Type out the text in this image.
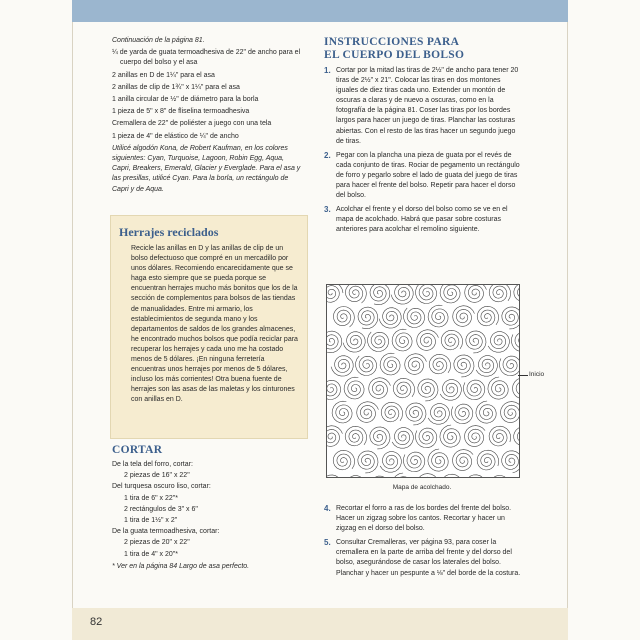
82

Continuación de la página 81.

¼ de yarda de guata termoadhesiva de 22" de ancho para el cuerpo del bolso y el asa

2 anillas en D de 1¼" para el asa

2 anillas de clip de 1¾" x 1¼" para el asa

1 anilla circular de ½" de diámetro para la borla

1 pieza de 5" x 8" de fliselina termoadhesiva

Cremallera de 22" de poliéster a juego con una tela

1 pieza de 4" de elástico de ¼" de ancho

Utilicé algodón Kona, de Robert Kaufman, en los colores siguientes: Cyan, Turquoise, Lagoon, Robin Egg, Aqua, Capri, Breakers, Emerald, Glacier y Everglade. Para el asa y las presillas, utilicé Cyan. Para la borla, un rectángulo de Capri y de Aqua.

Herrajes reciclados
Recicle las anillas en D y las anillas de clip de un bolso defectuoso que compré en un mercadillo por unos dólares. Recomiendo encarecidamente que se haga esto siempre que se pueda porque se encuentran herrajes mucho más bonitos que los de la sección de complementos para bolsos de las tiendas de manualidades. Entre mi armario, los establecimientos de segunda mano y los departamentos de saldos de los grandes almacenes, he encontrado muchos bolsos que podía reciclar para recuperar los herrajes y cada uno me ha costado menos de 5 dólares. ¡En ninguna ferretería encuentras unos herrajes por menos de 5 dólares, incluso los más corrientes! Otra buena fuente de herrajes son las asas de las maletas y los cinturones con anillas en D.
CORTAR

De la tela del forro, cortar:

2 piezas de 16" x 22"

Del turquesa oscuro liso, cortar:

1 tira de 6" x 22"*

2 rectángulos de 3" x 6"

1 tira de 1½" x 2"

De la guata termoadhesiva, cortar:

2 piezas de 20" x 22"

1 tira de 4" x 20"*

* Ver en la página 84 Largo de asa perfecto.

INSTRUCCIONES PARA
EL CUERPO DEL BOLSO
1. Cortar por la mitad las tiras de 2½" de ancho para tener 20 tiras de 2½" x 21". Colocar las tiras en dos montones iguales de diez tiras cada uno. Extender un montón de oscuras a claras y de nuevo a oscuras, como en la fotografía de la página 81. Coser las tiras por los bordes largos para hacer un juego de tiras. Planchar las costuras abiertas. Con el resto de las tiras hacer un segundo juego de tiras.
2. Pegar con la plancha una pieza de guata por el revés de cada conjunto de tiras. Rociar de pegamento un rectángulo de forro y pegarlo sobre el lado de guata del juego de tiras para hacer el frente del bolso. Repetir para hacer el dorso del bolso.
3. Acolchar el frente y el dorso del bolso como se ve en el mapa de acolchado. Habrá que pasar sobre costuras anteriores para acolchar el remolino siguiente.
Inicio
Mapa de acolchado.
4. Recortar el forro a ras de los bordes del frente del bolso. Hacer un zigzag sobre los cantos. Recortar y hacer un zigzag en el dorso del bolso.
5. Consultar Cremalleras, ver página 93, para coser la cremallera en la parte de arriba del frente y del dorso del bolso, asegurándose de casar los laterales del bolso. Planchar y hacer un pespunte a ⅛" del borde de la costura.
